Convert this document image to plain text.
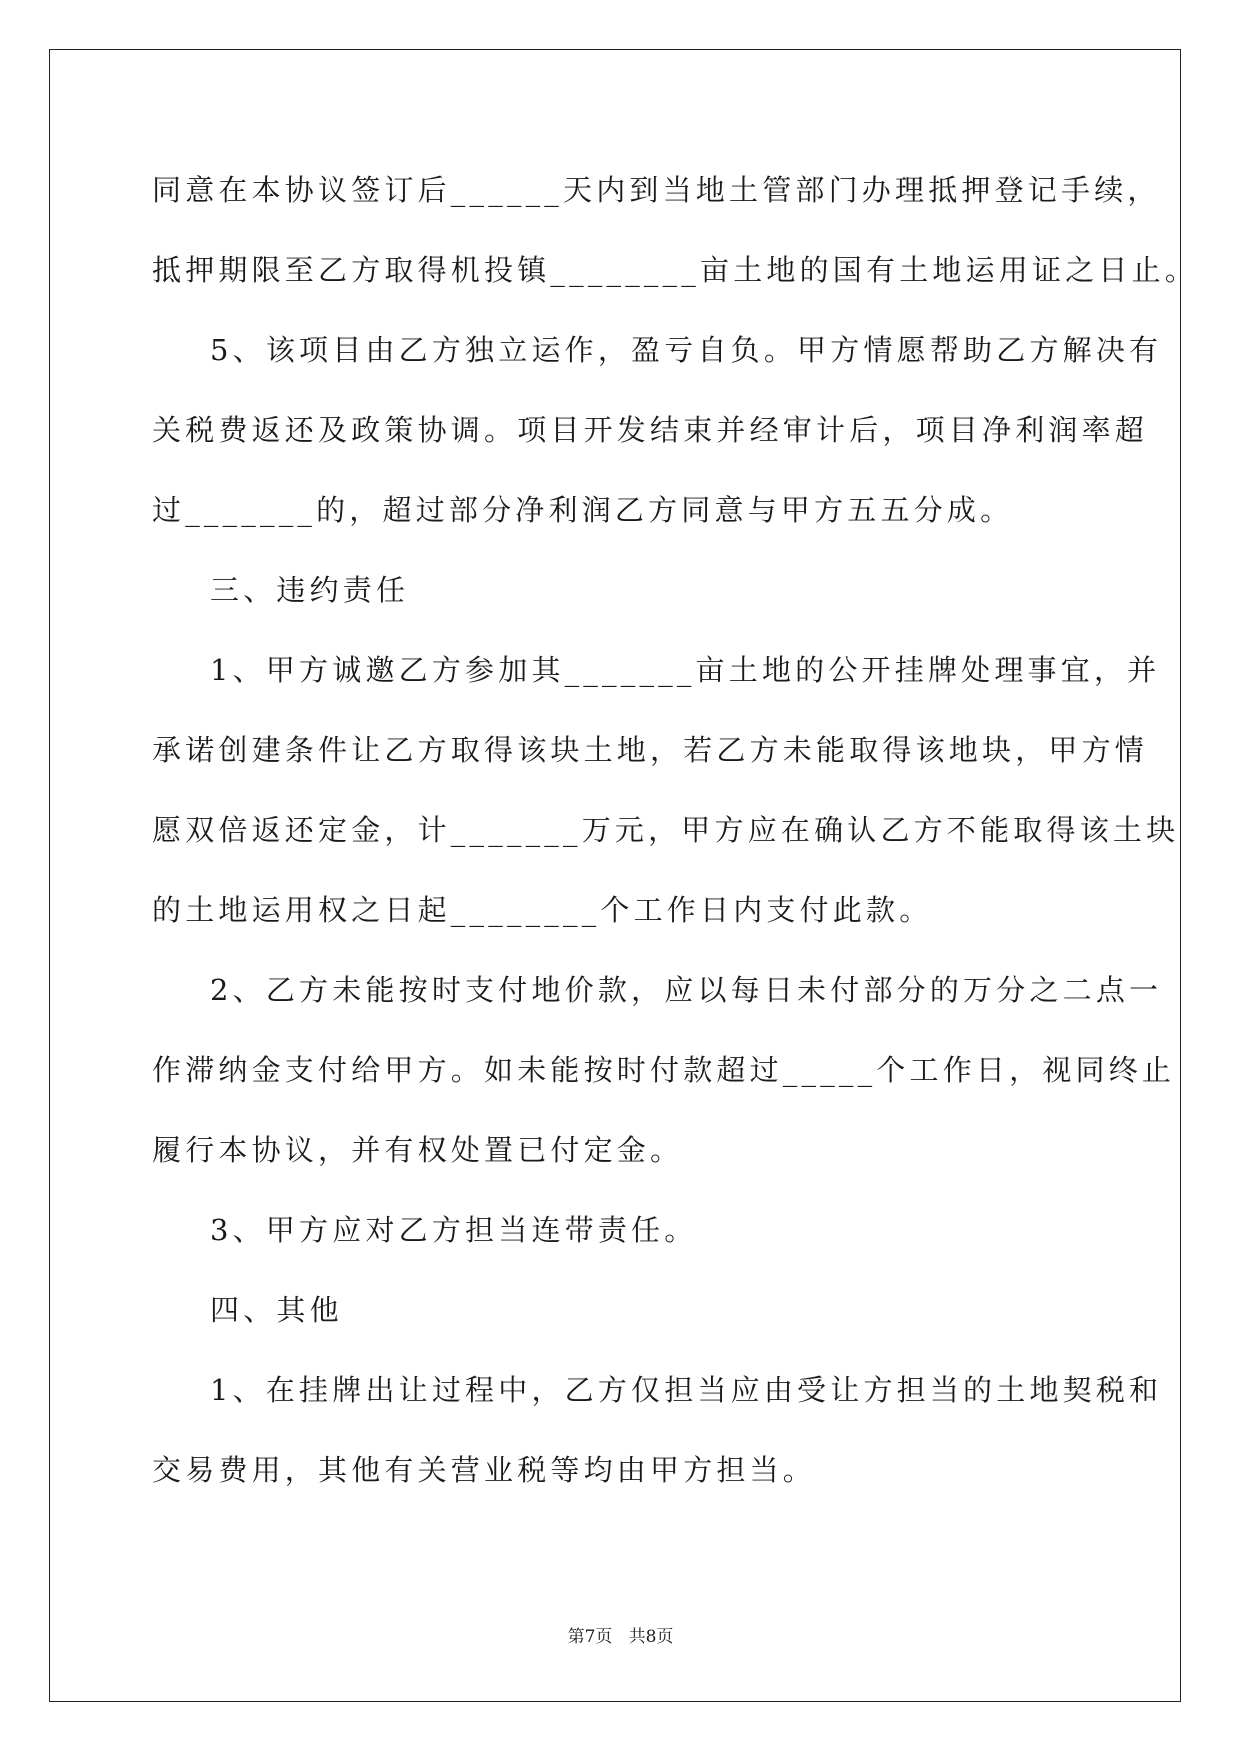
同意在本协议签订后______天内到当地土管部门办理抵押登记手续，
抵押期限至乙方取得机投镇________亩土地的国有土地运用证之日止。
5、该项目由乙方独立运作，盈亏自负。甲方情愿帮助乙方解决有
关税费返还及政策协调。项目开发结束并经审计后，项目净利润率超
过_______的，超过部分净利润乙方同意与甲方五五分成。
三、违约责任
1、甲方诚邀乙方参加其_______亩土地的公开挂牌处理事宜，并
承诺创建条件让乙方取得该块土地，若乙方未能取得该地块，甲方情
愿双倍返还定金，计_______万元，甲方应在确认乙方不能取得该土块
的土地运用权之日起________个工作日内支付此款。
2、乙方未能按时支付地价款，应以每日未付部分的万分之二点一
作滞纳金支付给甲方。如未能按时付款超过_____个工作日，视同终止
履行本协议，并有权处置已付定金。
3、甲方应对乙方担当连带责任。
四、其他
1、在挂牌出让过程中，乙方仅担当应由受让方担当的土地契税和
交易费用，其他有关营业税等均由甲方担当。
第7页   共8页
